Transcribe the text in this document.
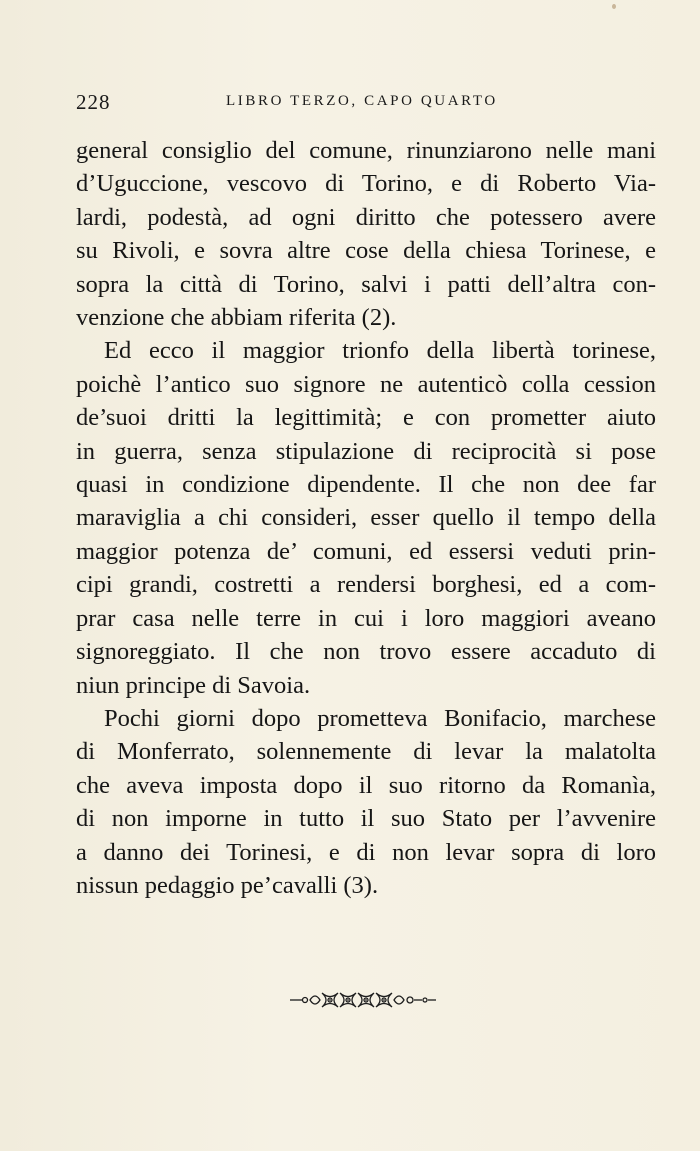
228	LIBRO TERZO, CAPO QUARTO

general consiglio del comune, rinunziarono nelle mani
d’Uguccione, vescovo di Torino, e di Roberto Via-
lardi, podestà, ad ogni diritto che potessero avere
su Rivoli, e sovra altre cose della chiesa Torinese, e
sopra la città di Torino, salvi i patti dell’altra con-
venzione che abbiam riferita (2).

Ed ecco il maggior trionfo della libertà torinese,
poichè l’antico suo signore ne autenticò colla cession
de’suoi dritti la legittimità; e con prometter aiuto
in guerra, senza stipulazione di reciprocità si pose
quasi in condizione dipendente. Il che non dee far
maraviglia a chi consideri, esser quello il tempo della
maggior potenza de’ comuni, ed essersi veduti prin-
cipi grandi, costretti a rendersi borghesi, ed a com-
prar casa nelle terre in cui i loro maggiori aveano
signoreggiato. Il che non trovo essere accaduto di
niun principe di Savoia.

Pochi giorni dopo prometteva Bonifacio, marchese
di Monferrato, solennemente di levar la malatolta
che aveva imposta dopo il suo ritorno da Romanìa,
di non imporne in tutto il suo Stato per l’avvenire
a danno dei Torinesi, e di non levar sopra di loro
nissun pedaggio pe’cavalli (3).
